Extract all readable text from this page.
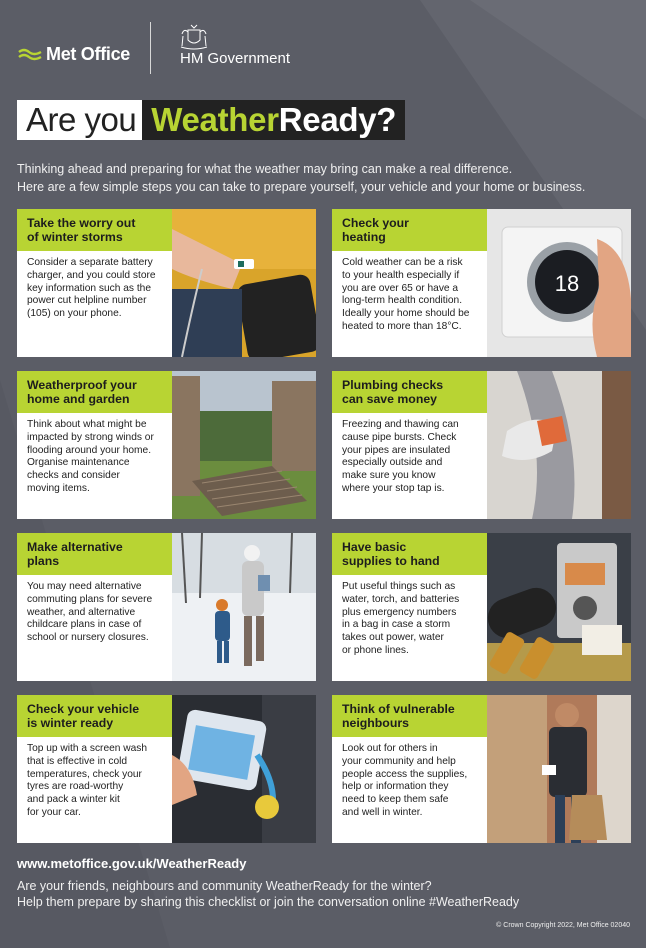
Met Office	HM Government
Are you WeatherReady?
Thinking ahead and preparing for what the weather may bring can make a real difference.
Here are a few simple steps you can take to prepare yourself, your vehicle and your home or business.
Take the worry out
of winter storms
Consider a separate battery
charger, and you could store
key information such as the
power cut helpline number
(105) on your phone.
Check your
heating
Cold weather can be a risk
to your health especially if
you are over 65 or have a
long-term health condition.
Ideally your home should be
heated to more than 18°C.
18
Weatherproof your
home and garden
Think about what might be
impacted by strong winds or
flooding around your home.
Organise maintenance
checks and consider
moving items.
Plumbing checks
can save money
Freezing and thawing can
cause pipe bursts. Check
your pipes are insulated
especially outside and
make sure you know
where your stop tap is.
Make alternative
plans
You may need alternative
commuting plans for severe
weather, and alternative
childcare plans in case of
school or nursery closures.
Have basic
supplies to hand
Put useful things such as
water, torch, and batteries
plus emergency numbers
in a bag in case a storm
takes out power, water
or phone lines.
Check your vehicle
is winter ready
Top up with a screen wash
that is effective in cold
temperatures, check your
tyres are road-worthy
and pack a winter kit
for your car.
Think of vulnerable
neighbours
Look out for others in
your community and help
people access the supplies,
help or information they
need to keep them safe
and well in winter.
www.metoffice.gov.uk/WeatherReady
Are your friends, neighbours and community WeatherReady for the winter?
Help them prepare by sharing this checklist or join the conversation online #WeatherReady
© Crown Copyright 2022, Met Office 02040
